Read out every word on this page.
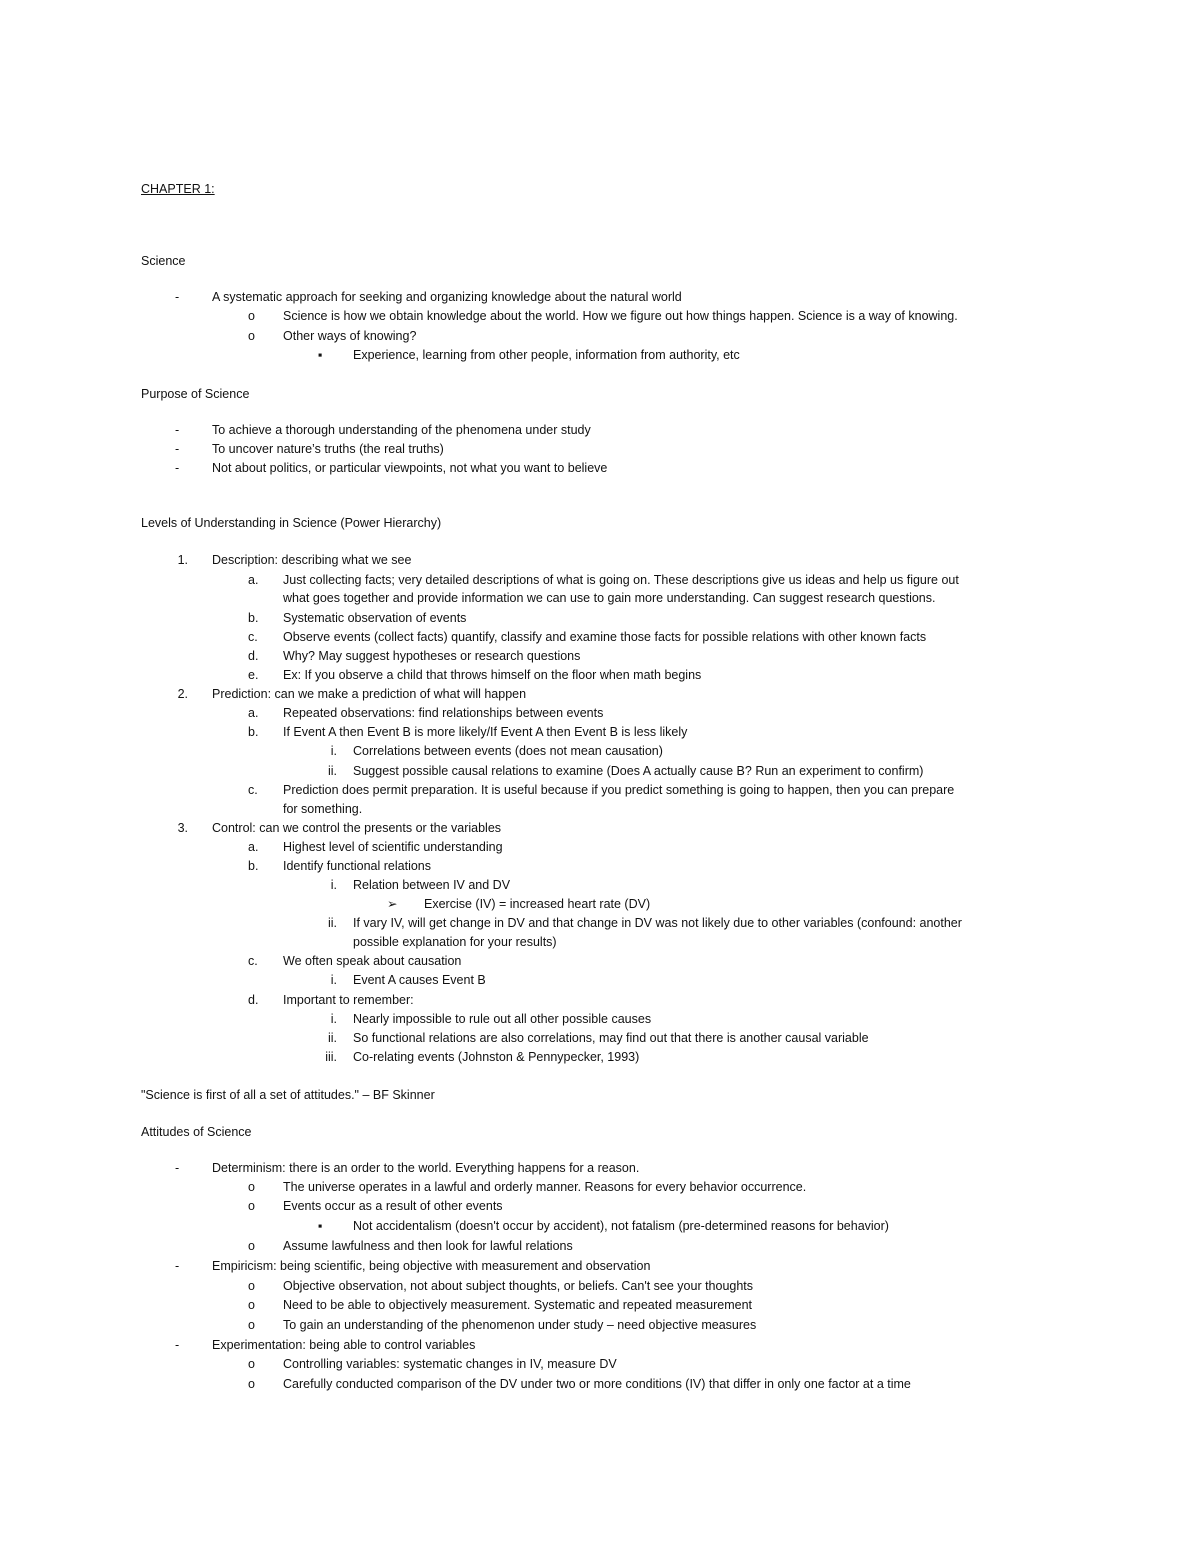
CHAPTER 1:
Science
-	A systematic approach for seeking and organizing knowledge about the natural world
o Science is how we obtain knowledge about the world. How we figure out how things happen. Science is a way of knowing.
o Other ways of knowing?
▪ Experience, learning from other people, information from authority, etc
Purpose of Science
-	To achieve a thorough understanding of the phenomena under study
-	To uncover nature’s truths (the real truths)
-	Not about politics, or particular viewpoints, not what you want to believe
Levels of Understanding in Science (Power Hierarchy)
1. Description: describing what we see
a. Just collecting facts; very detailed descriptions of what is going on. These descriptions give us ideas and help us figure out
what goes together and provide information we can use to gain more understanding. Can suggest research questions.
b. Systematic observation of events
c. Observe events (collect facts) quantify, classify and examine those facts for possible relations with other known facts
d. Why? May suggest hypotheses or research questions
e. Ex: If you observe a child that throws himself on the floor when math begins
2. Prediction: can we make a prediction of what will happen
a. Repeated observations: find relationships between events
b. If Event A then Event B is more likely/If Event A then Event B is less likely
i. Correlations between events (does not mean causation)
ii. Suggest possible causal relations to examine (Does A actually cause B? Run an experiment to confirm)
c. Prediction does permit preparation. It is useful because if you predict something is going to happen, then you can prepare
for something.
3. Control: can we control the presents or the variables
a. Highest level of scientific understanding
b. Identify functional relations
i. Relation between IV and DV
➢ Exercise (IV) = increased heart rate (DV)
ii. If vary IV, will get change in DV and that change in DV was not likely due to other variables (confound: another
possible explanation for your results)
c. We often speak about causation
i. Event A causes Event B
d. Important to remember:
i. Nearly impossible to rule out all other possible causes
ii. So functional relations are also correlations, may find out that there is another causal variable
iii. Co-relating events (Johnston & Pennypecker, 1993)
"Science is first of all a set of attitudes." – BF Skinner
Attitudes of Science
-	Determinism: there is an order to the world. Everything happens for a reason.
o The universe operates in a lawful and orderly manner. Reasons for every behavior occurrence.
o Events occur as a result of other events
▪ Not accidentalism (doesn't occur by accident), not fatalism (pre-determined reasons for behavior)
o Assume lawfulness and then look for lawful relations
-	Empiricism: being scientific, being objective with measurement and observation
o Objective observation, not about subject thoughts, or beliefs. Can't see your thoughts
o Need to be able to objectively measurement. Systematic and repeated measurement
o To gain an understanding of the phenomenon under study – need objective measures
-	Experimentation: being able to control variables
o Controlling variables: systematic changes in IV, measure DV
o Carefully conducted comparison of the DV under two or more conditions (IV) that differ in only one factor at a time
